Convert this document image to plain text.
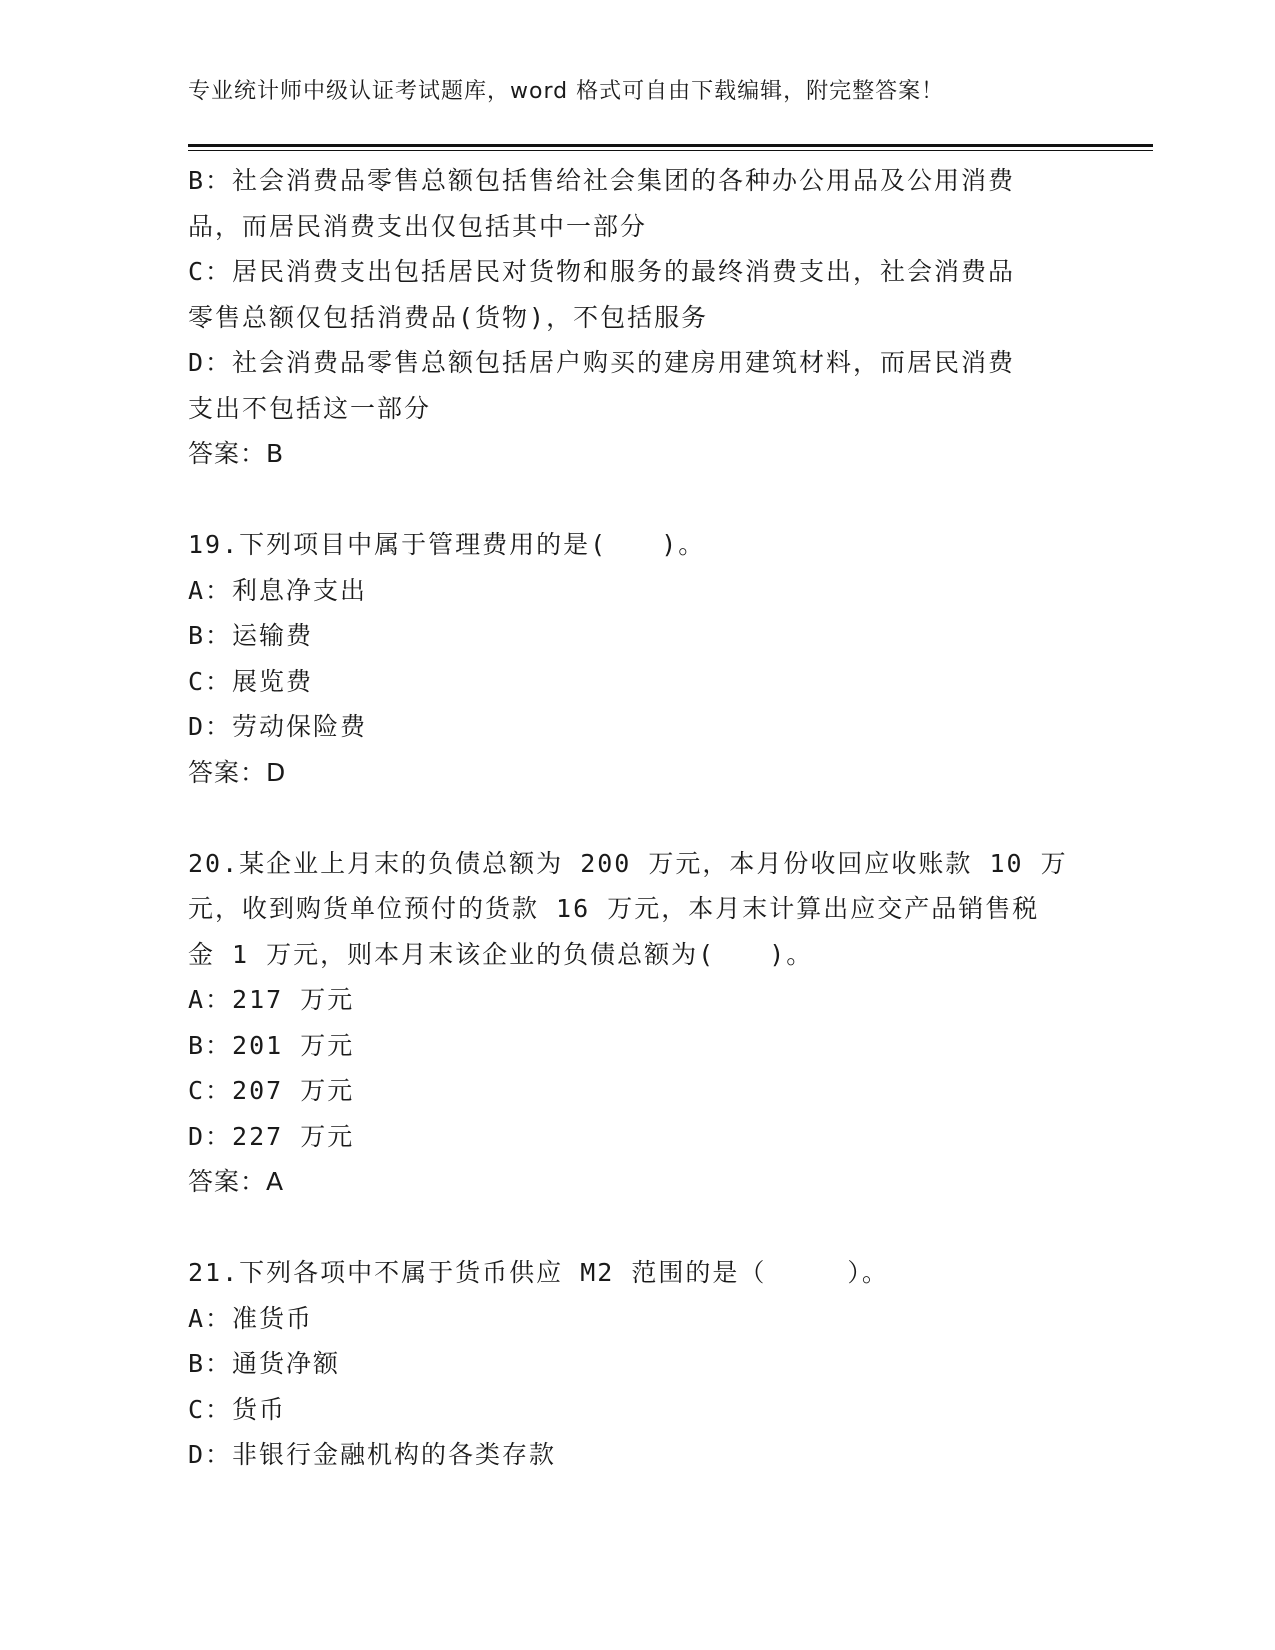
专业统计师中级认证考试题库，word 格式可自由下载编辑，附完整答案！
B：社会消费品零售总额包括售给社会集团的各种办公用品及公用消费
品，而居民消费支出仅包括其中一部分
C：居民消费支出包括居民对货物和服务的最终消费支出，社会消费品
零售总额仅包括消费品(货物)，不包括服务
D：社会消费品零售总额包括居户购买的建房用建筑材料，而居民消费
支出不包括这一部分
答案：B
19.下列项目中属于管理费用的是(　　)。
A：利息净支出
B：运输费
C：展览费
D：劳动保险费
答案：D
20.某企业上月末的负债总额为 200 万元，本月份收回应收账款 10 万
元，收到购货单位预付的货款 16 万元，本月末计算出应交产品销售税
金 1 万元，则本月末该企业的负债总额为(　　)。
A：217 万元
B：201 万元
C：207 万元
D：227 万元
答案：A
21.下列各项中不属于货币供应 M2 范围的是（　　　）。
A：准货币
B：通货净额
C：货币
D：非银行金融机构的各类存款
